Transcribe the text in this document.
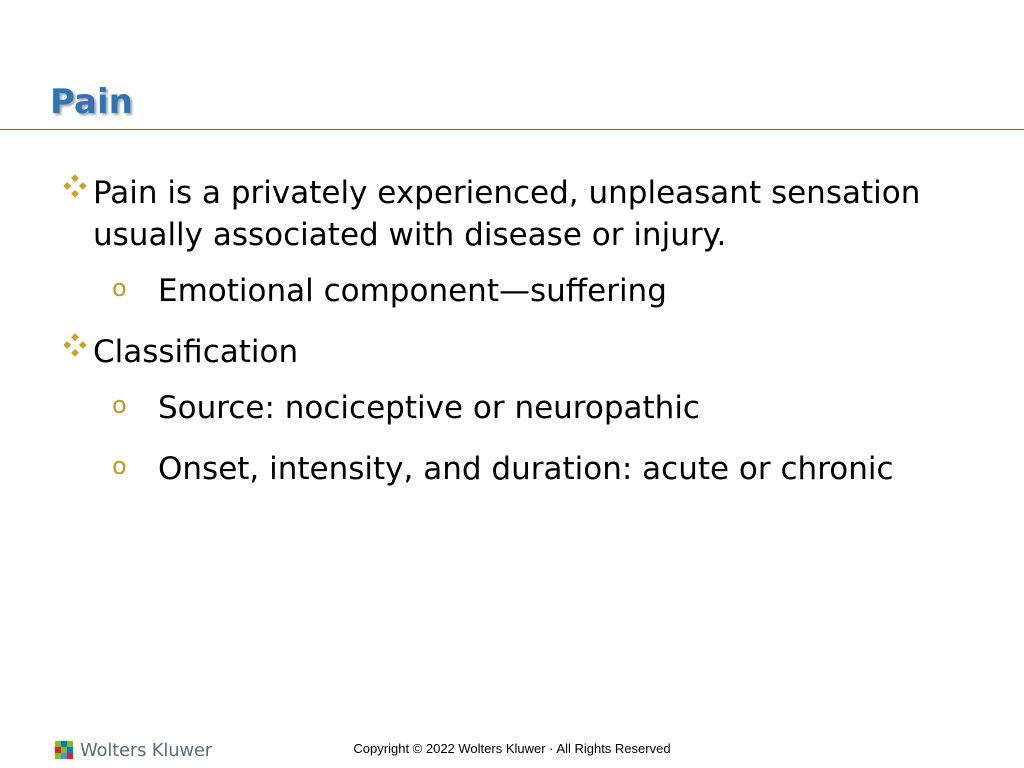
Pain
Pain is a privately experienced, unpleasant sensation usually associated with disease or injury.
o Emotional component—suffering
Classification
o Source: nociceptive or neuropathic
o Onset, intensity, and duration: acute or chronic
Wolters Kluwer	Copyright © 2022 Wolters Kluwer · All Rights Reserved
